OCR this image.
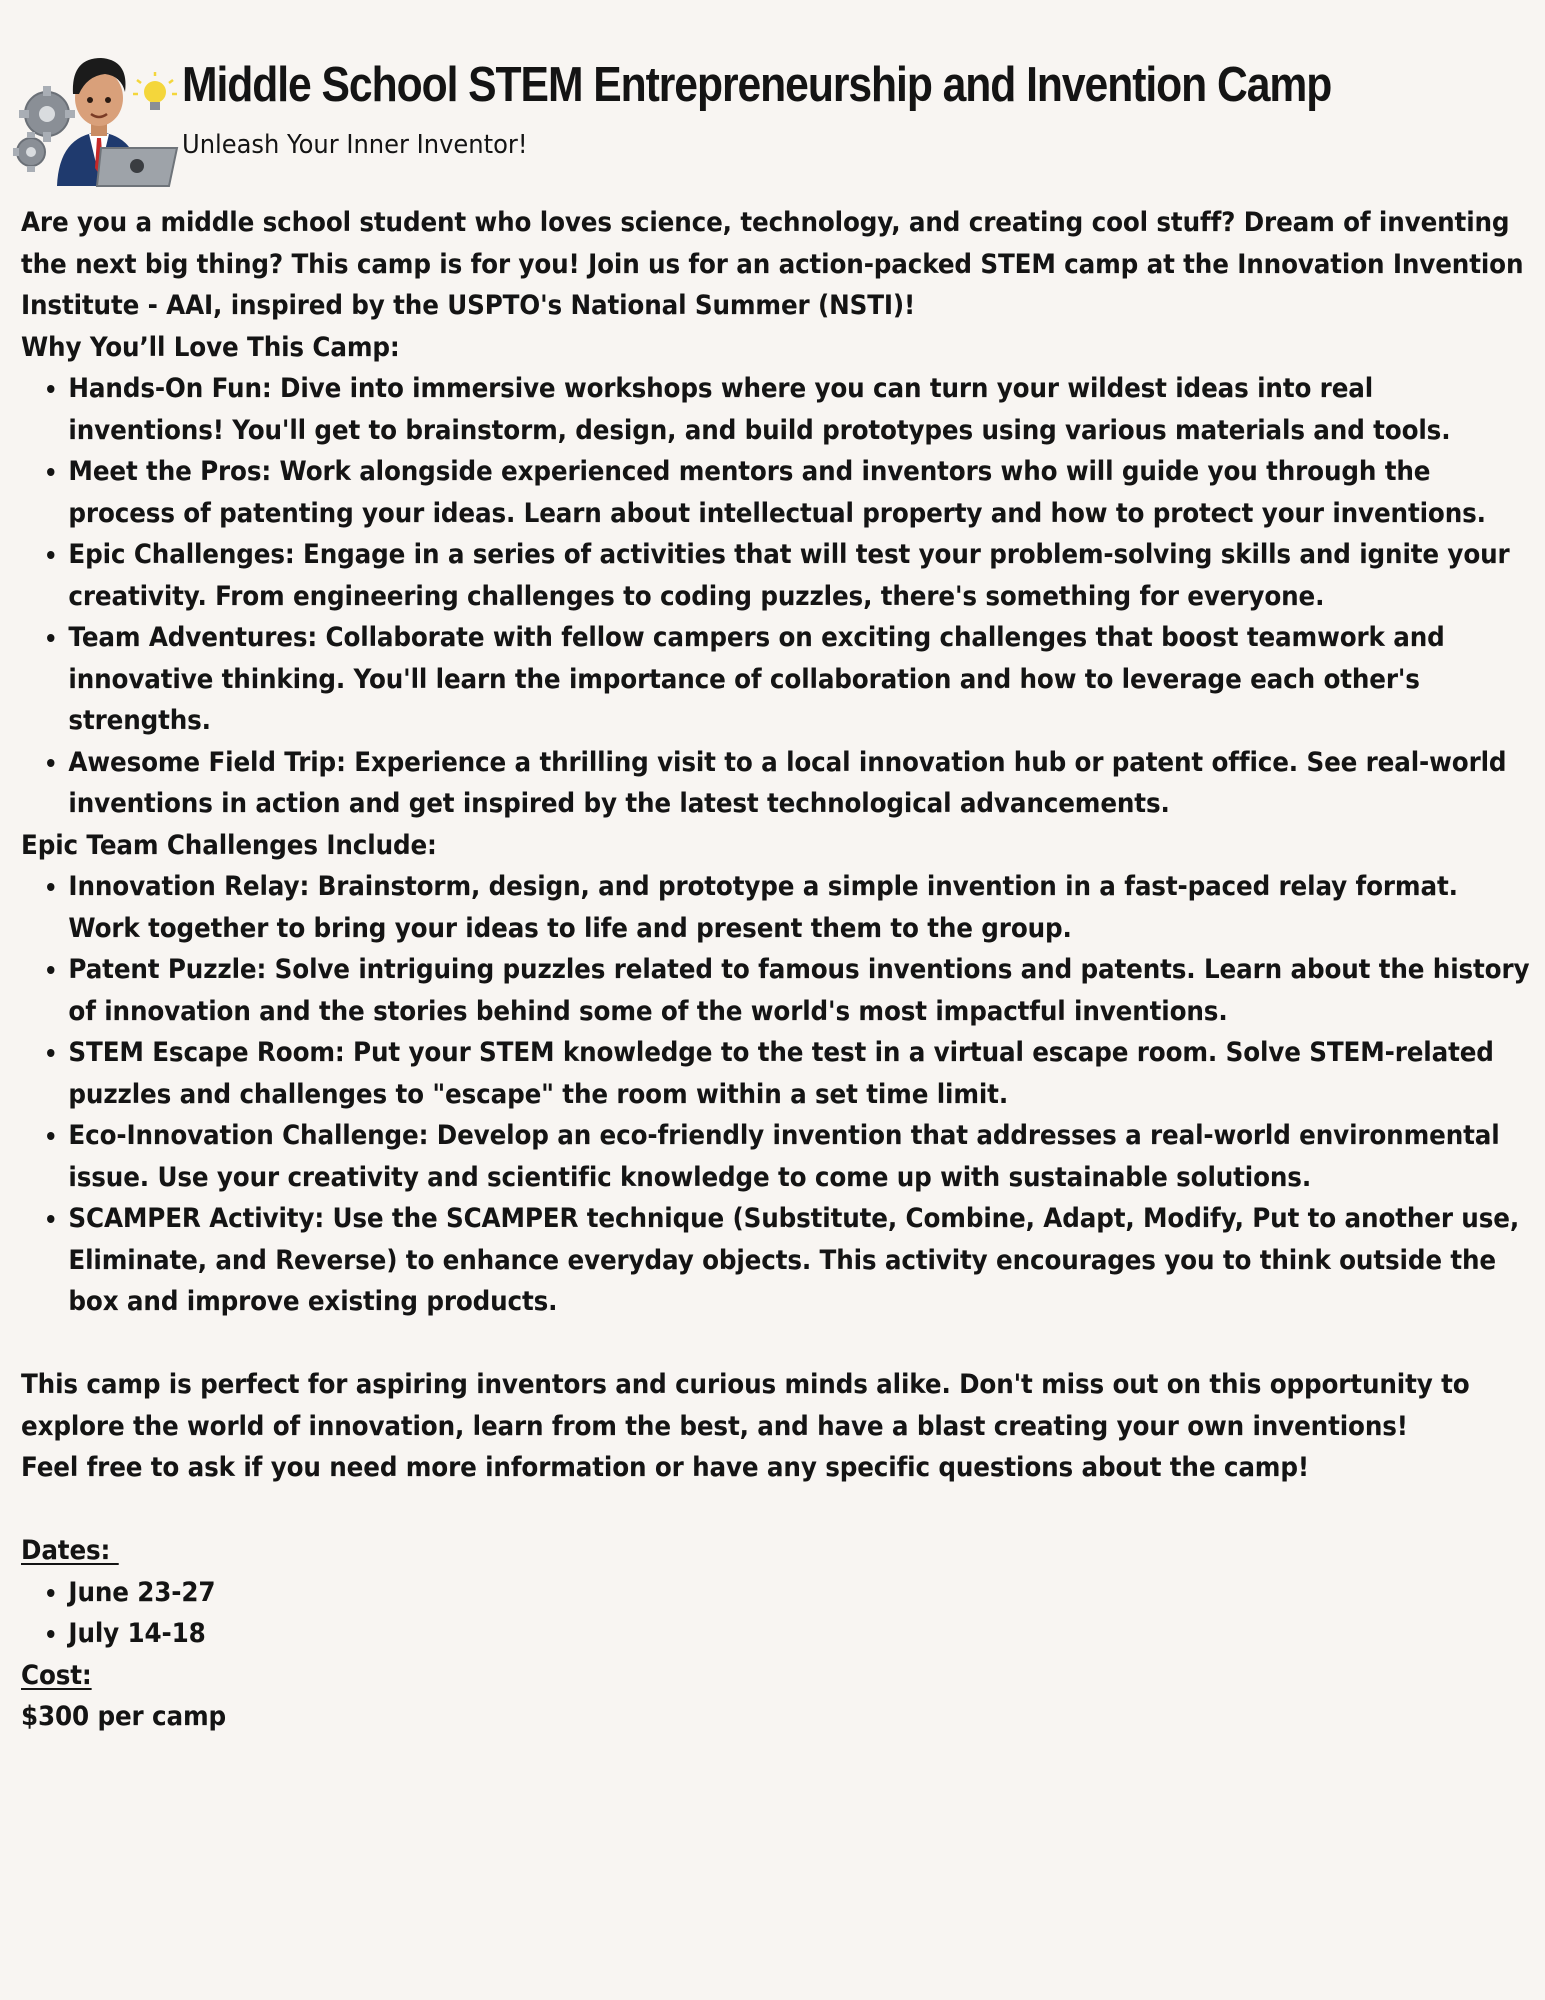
Middle School STEM Entrepreneurship and Invention Camp
Unleash Your Inner Inventor!

Are you a middle school student who loves science, technology, and creating cool stuff? Dream of inventing the next big thing? This camp is for you! Join us for an action-packed STEM camp at the Innovation Invention Institute - AAI, inspired by the USPTO's National Summer (NSTI)!

Why You’ll Love This Camp:

• Hands-On Fun: Dive into immersive workshops where you can turn your wildest ideas into real inventions! You'll get to brainstorm, design, and build prototypes using various materials and tools.
• Meet the Pros: Work alongside experienced mentors and inventors who will guide you through the process of patenting your ideas. Learn about intellectual property and how to protect your inventions.
• Epic Challenges: Engage in a series of activities that will test your problem-solving skills and ignite your creativity. From engineering challenges to coding puzzles, there's something for everyone.
• Team Adventures: Collaborate with fellow campers on exciting challenges that boost teamwork and innovative thinking. You'll learn the importance of collaboration and how to leverage each other's strengths.
• Awesome Field Trip: Experience a thrilling visit to a local innovation hub or patent office. See real-world inventions in action and get inspired by the latest technological advancements.

Epic Team Challenges Include:

• Innovation Relay: Brainstorm, design, and prototype a simple invention in a fast-paced relay format. Work together to bring your ideas to life and present them to the group.
• Patent Puzzle: Solve intriguing puzzles related to famous inventions and patents. Learn about the history of innovation and the stories behind some of the world's most impactful inventions.
• STEM Escape Room: Put your STEM knowledge to the test in a virtual escape room. Solve STEM-related puzzles and challenges to "escape" the room within a set time limit.
• Eco-Innovation Challenge: Develop an eco-friendly invention that addresses a real-world environmental issue. Use your creativity and scientific knowledge to come up with sustainable solutions.
• SCAMPER Activity: Use the SCAMPER technique (Substitute, Combine, Adapt, Modify, Put to another use, Eliminate, and Reverse) to enhance everyday objects. This activity encourages you to think outside the box and improve existing products.

This camp is perfect for aspiring inventors and curious minds alike. Don't miss out on this opportunity to explore the world of innovation, learn from the best, and have a blast creating your own inventions!

Feel free to ask if you need more information or have any specific questions about the camp!

Dates:

• June 23-27
• July 14-18

Cost:

$300 per camp
